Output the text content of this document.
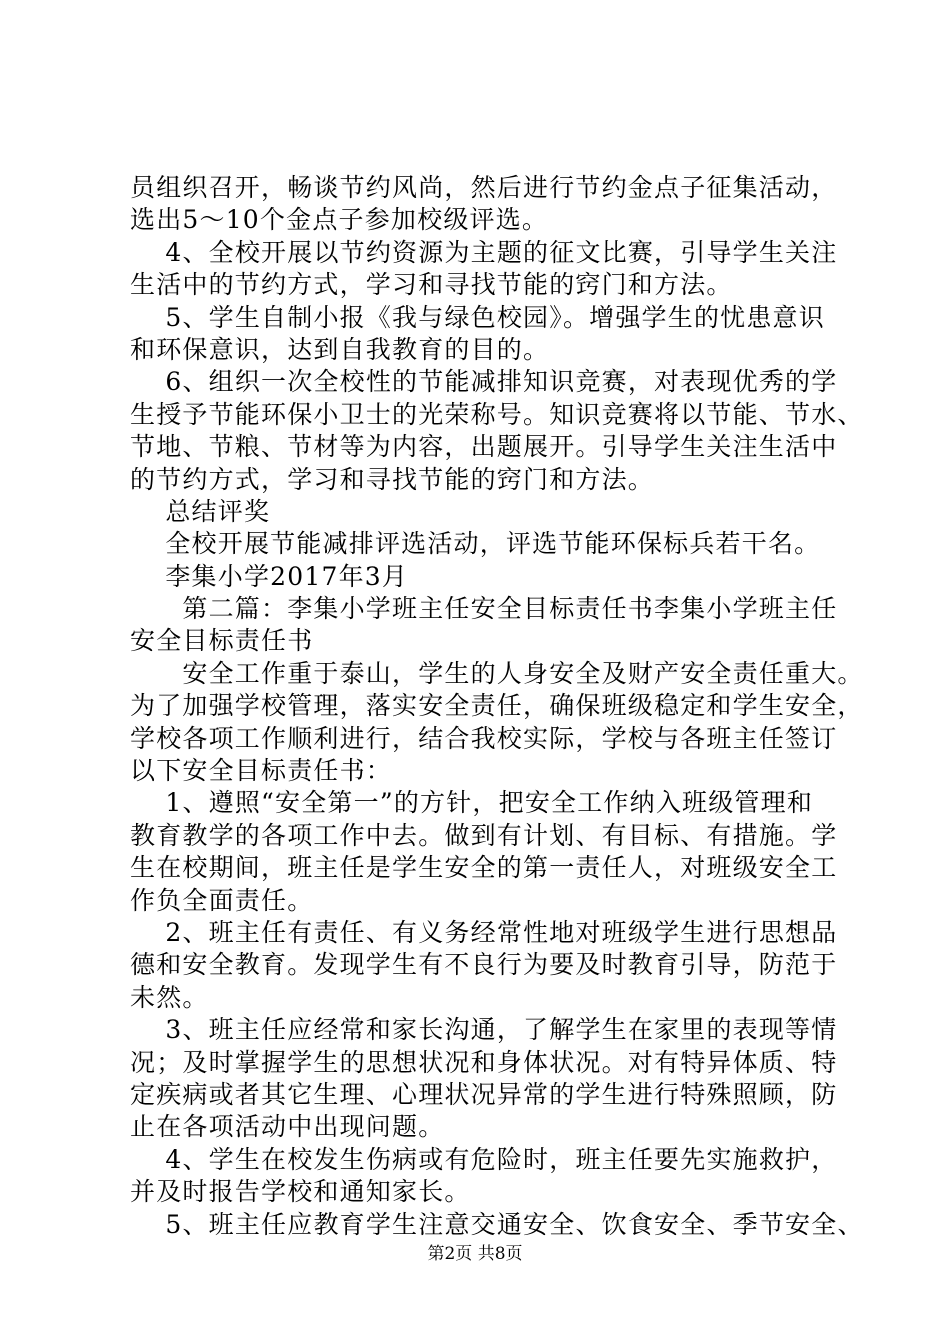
员组织召开，畅谈节约风尚，然后进行节约金点子征集活动，
选出5～10个金点子参加校级评选。
　 4、全校开展以节约资源为主题的征文比赛，引导学生关注
生活中的节约方式，学习和寻找节能的窍门和方法。
　 5、学生自制小报《我与绿色校园》。增强学生的忧患意识
和环保意识，达到自我教育的目的。
　 6、组织一次全校性的节能减排知识竞赛，对表现优秀的学
生授予节能环保小卫士的光荣称号。知识竞赛将以节能、节水、
节地、节粮、节材等为内容，出题展开。引导学生关注生活中
的节约方式，学习和寻找节能的窍门和方法。
　 总结评奖
　 全校开展节能减排评选活动，评选节能环保标兵若干名。
　 李集小学2017年3月
　　第二篇：李集小学班主任安全目标责任书李集小学班主任
安全目标责任书
　　安全工作重于泰山，学生的人身安全及财产安全责任重大。
为了加强学校管理，落实安全责任，确保班级稳定和学生安全，
学校各项工作顺利进行，结合我校实际，学校与各班主任签订
以下安全目标责任书：
　 1、遵照“安全第一”的方针，把安全工作纳入班级管理和
教育教学的各项工作中去。做到有计划、有目标、有措施。学
生在校期间，班主任是学生安全的第一责任人，对班级安全工
作负全面责任。
　 2、班主任有责任、有义务经常性地对班级学生进行思想品
德和安全教育。发现学生有不良行为要及时教育引导，防范于
未然。
　 3、班主任应经常和家长沟通，了解学生在家里的表现等情
况；及时掌握学生的思想状况和身体状况。对有特异体质、特
定疾病或者其它生理、心理状况异常的学生进行特殊照顾，防
止在各项活动中出现问题。
　 4、学生在校发生伤病或有危险时，班主任要先实施救护，
并及时报告学校和通知家长。
　 5、班主任应教育学生注意交通安全、饮食安全、季节安全、
第2页 共8页
